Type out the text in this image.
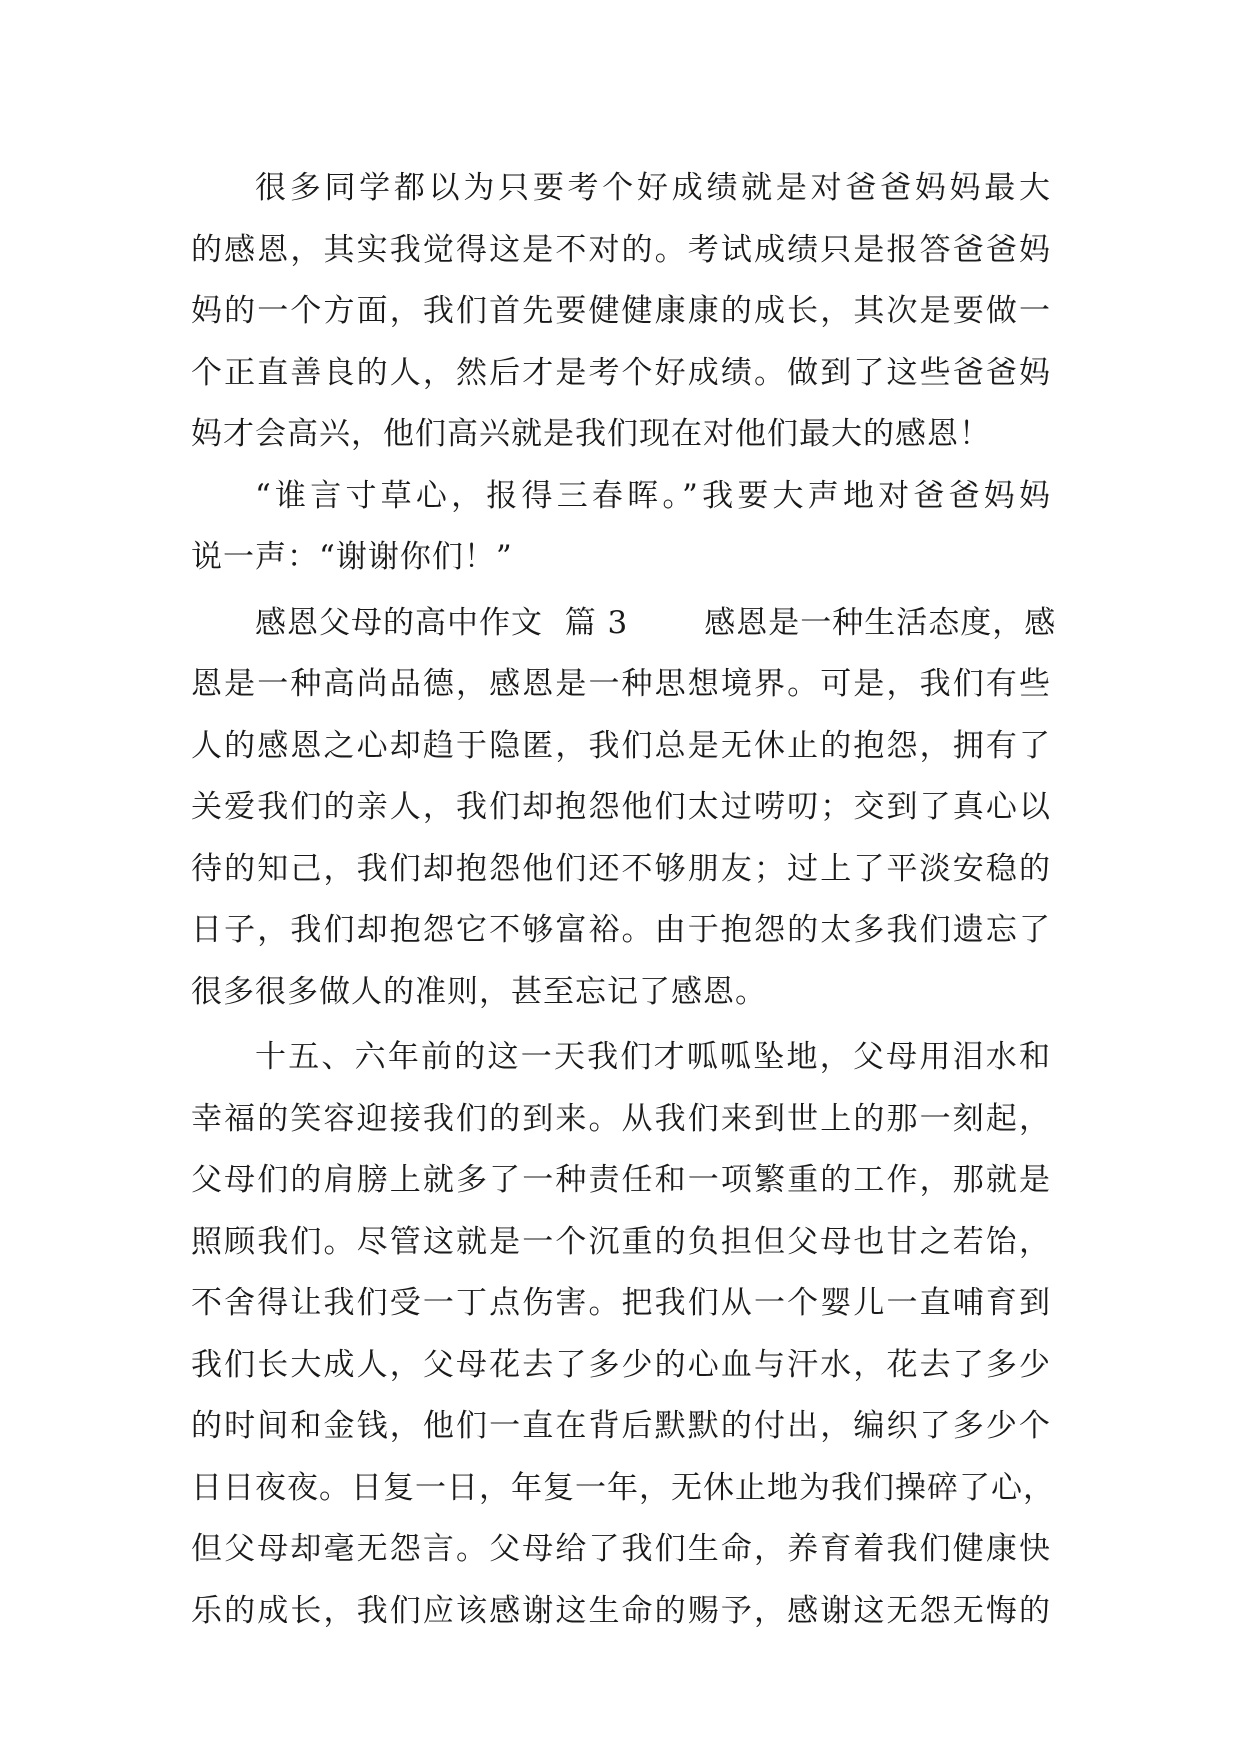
很多同学都以为只要考个好成绩就是对爸爸妈妈最大
的感恩，其实我觉得这是不对的。考试成绩只是报答爸爸妈
妈的一个方面，我们首先要健健康康的成长，其次是要做一
个正直善良的人，然后才是考个好成绩。做到了这些爸爸妈
妈才会高兴，他们高兴就是我们现在对他们最大的感恩！
“谁言寸草心，报得三春晖。”我要大声地对爸爸妈妈
说一声：“谢谢你们！”
感恩父母的高中作文  篇 3       感恩是一种生活态度，感
恩是一种高尚品德，感恩是一种思想境界。可是，我们有些
人的感恩之心却趋于隐匿，我们总是无休止的抱怨，拥有了
关爱我们的亲人，我们却抱怨他们太过唠叨；交到了真心以
待的知己，我们却抱怨他们还不够朋友；过上了平淡安稳的
日子，我们却抱怨它不够富裕。由于抱怨的太多我们遗忘了
很多很多做人的准则，甚至忘记了感恩。
十五、六年前的这一天我们才呱呱坠地，父母用泪水和
幸福的笑容迎接我们的到来。从我们来到世上的那一刻起，
父母们的肩膀上就多了一种责任和一项繁重的工作，那就是
照顾我们。尽管这就是一个沉重的负担但父母也甘之若饴，
不舍得让我们受一丁点伤害。把我们从一个婴儿一直哺育到
我们长大成人，父母花去了多少的心血与汗水，花去了多少
的时间和金钱，他们一直在背后默默的付出，编织了多少个
日日夜夜。日复一日，年复一年，无休止地为我们操碎了心，
但父母却毫无怨言。父母给了我们生命，养育着我们健康快
乐的成长，我们应该感谢这生命的赐予，感谢这无怨无悔的
